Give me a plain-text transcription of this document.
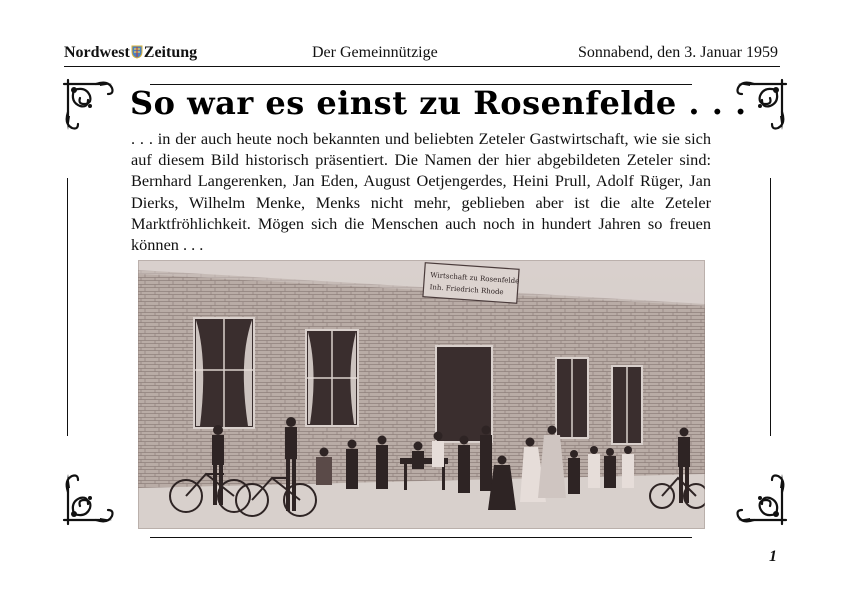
Nordwest Zeitung	Der Gemeinnützige	Sonnabend, den 3. Januar 1959
So war es einst zu Rosenfelde . . .
. . . in der auch heute noch bekannten und beliebten Zeteler Gastwirtschaft, wie sie sich auf diesem Bild historisch präsentiert. Die Namen der hier abgebildeten Zeteler sind: Bernhard Langerenken, Jan Eden, August Oetjengerdes, Heini Prull, Adolf Rüger, Jan Dierks, Wilhelm Menke, Menks nicht mehr, geblieben aber ist die alte Zeteler Marktfröhlichkeit. Mögen sich die Menschen auch noch in hundert Jahren so freuen können . . .
Wirtschaft zu Rosenfelde
Inh. Friedrich Rhode
1
